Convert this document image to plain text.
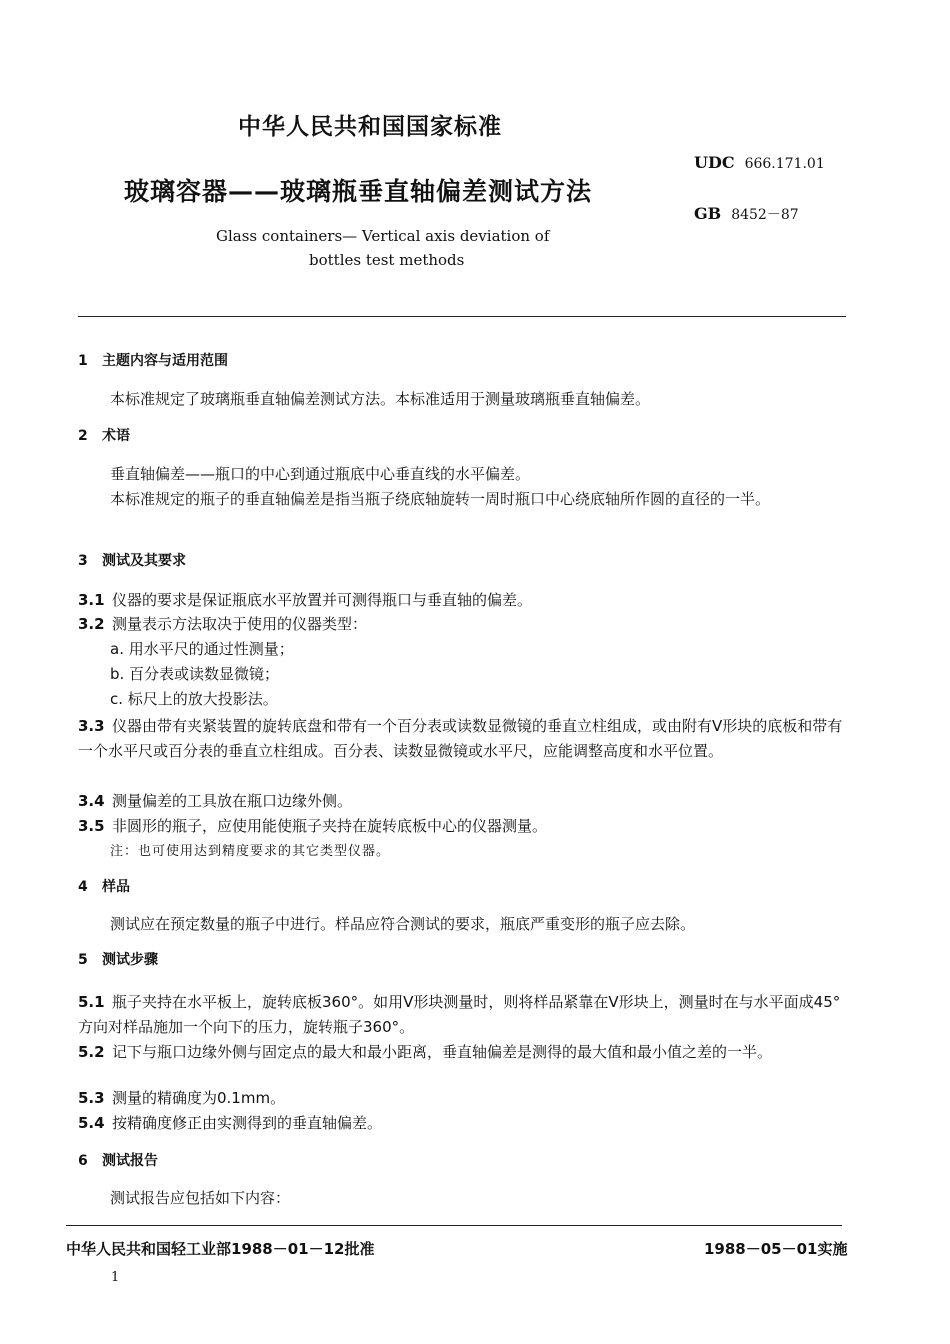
中华人民共和国国家标准
UDC 666.171.01
玻璃容器——玻璃瓶垂直轴偏差测试方法
GB 8452－87
Glass containers— Vertical axis deviation of
bottles test methods
1 主题内容与适用范围
本标准规定了玻璃瓶垂直轴偏差测试方法。本标准适用于测量玻璃瓶垂直轴偏差。
2 术语
垂直轴偏差——瓶口的中心到通过瓶底中心垂直线的水平偏差。
本标准规定的瓶子的垂直轴偏差是指当瓶子绕底轴旋转一周时瓶口中心绕底轴所作圆的直径的一半。
3 测试及其要求
3.1 仪器的要求是保证瓶底水平放置并可测得瓶口与垂直轴的偏差。
3.2 测量表示方法取决于使用的仪器类型：
a. 用水平尺的通过性测量；
b. 百分表或读数显微镜；
c. 标尺上的放大投影法。
3.3 仪器由带有夹紧装置的旋转底盘和带有一个百分表或读数显微镜的垂直立柱组成，或由附有V形块的底板和带有一个水平尺或百分表的垂直立柱组成。百分表、读数显微镜或水平尺，应能调整高度和水平位置。
3.4 测量偏差的工具放在瓶口边缘外侧。
3.5 非圆形的瓶子，应使用能使瓶子夹持在旋转底板中心的仪器测量。
注：也可使用达到精度要求的其它类型仪器。
4 样品
测试应在预定数量的瓶子中进行。样品应符合测试的要求，瓶底严重变形的瓶子应去除。
5 测试步骤
5.1 瓶子夹持在水平板上，旋转底板360°。如用V形块测量时，则将样品紧靠在V形块上，测量时在与水平面成45°方向对样品施加一个向下的压力，旋转瓶子360°。
5.2 记下与瓶口边缘外侧与固定点的最大和最小距离，垂直轴偏差是测得的最大值和最小值之差的一半。
5.3 测量的精确度为0.1mm。
5.4 按精确度修正由实测得到的垂直轴偏差。
6 测试报告
测试报告应包括如下内容：
中华人民共和国轻工业部1988－01－12批准	1988－05－01实施
1
